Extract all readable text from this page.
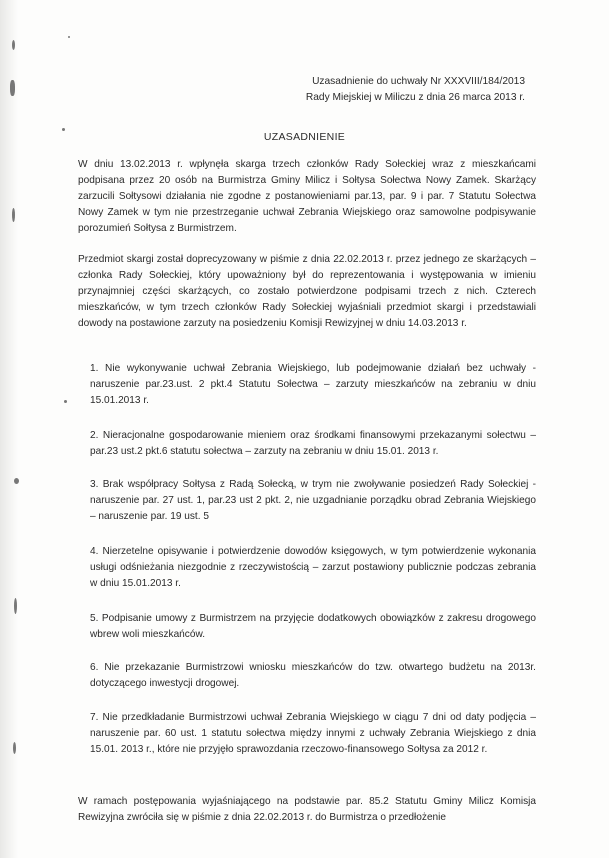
Uzasadnienie do uchwały Nr XXXVIII/184/2013
Rady Miejskiej w Miliczu z dnia 26 marca 2013 r.
UZASADNIENIE
W dniu 13.02.2013 r. wpłynęła skarga trzech członków Rady Sołeckiej wraz z mieszkańcami podpisana przez 20 osób na Burmistrza Gminy Milicz i Sołtysa Sołectwa Nowy Zamek. Skarżący zarzucili Sołtysowi działania nie zgodne z postanowieniami par.13, par. 9 i par. 7 Statutu Sołectwa Nowy Zamek w tym nie przestrzeganie uchwał Zebrania Wiejskiego oraz samowolne podpisywanie porozumień Sołtysa z Burmistrzem.
Przedmiot skargi został doprecyzowany w piśmie z dnia 22.02.2013 r. przez jednego ze skarżących – członka Rady Sołeckiej, który upoważniony był do reprezentowania i występowania w imieniu przynajmniej części skarżących, co zostało potwierdzone podpisami trzech z nich. Czterech mieszkańców, w tym trzech członków Rady Sołeckiej wyjaśniali przedmiot skargi i przedstawiali dowody na postawione zarzuty na posiedzeniu Komisji Rewizyjnej w dniu 14.03.2013 r.
1. Nie wykonywanie uchwał Zebrania Wiejskiego, lub podejmowanie działań bez uchwały - naruszenie par.23.ust. 2 pkt.4 Statutu Sołectwa – zarzuty mieszkańców na zebraniu w dniu 15.01.2013 r.
2. Nieracjonalne gospodarowanie mieniem oraz środkami finansowymi przekazanymi sołectwu – par.23 ust.2 pkt.6 statutu sołectwa – zarzuty na zebraniu w dniu 15.01. 2013 r.
3. Brak współpracy Sołtysa z Radą Sołecką, w trym nie zwoływanie posiedzeń Rady Sołeckiej - naruszenie par. 27 ust. 1, par.23 ust 2 pkt. 2, nie uzgadnianie porządku obrad Zebrania Wiejskiego – naruszenie par. 19 ust. 5
4. Nierzetelne opisywanie i potwierdzenie dowodów księgowych, w tym potwierdzenie wykonania usługi odśnieżania niezgodnie z rzeczywistością – zarzut postawiony publicznie podczas zebrania w dniu 15.01.2013 r.
5. Podpisanie umowy z Burmistrzem na przyjęcie dodatkowych obowiązków z zakresu drogowego wbrew woli mieszkańców.
6. Nie przekazanie Burmistrzowi wniosku mieszkańców do tzw. otwartego budżetu na 2013r. dotyczącego inwestycji drogowej.
7. Nie przedkładanie Burmistrzowi uchwał Zebrania Wiejskiego w ciągu 7 dni od daty podjęcia – naruszenie par. 60 ust. 1 statutu sołectwa między innymi z uchwały Zebrania Wiejskiego z dnia 15.01. 2013 r., które nie przyjęło sprawozdania rzeczowo-finansowego Sołtysa za 2012 r.
W ramach postępowania wyjaśniającego na podstawie par. 85.2 Statutu Gminy Milicz Komisja Rewizyjna zwróciła się w piśmie z dnia 22.02.2013 r. do Burmistrza o przedłożenie
